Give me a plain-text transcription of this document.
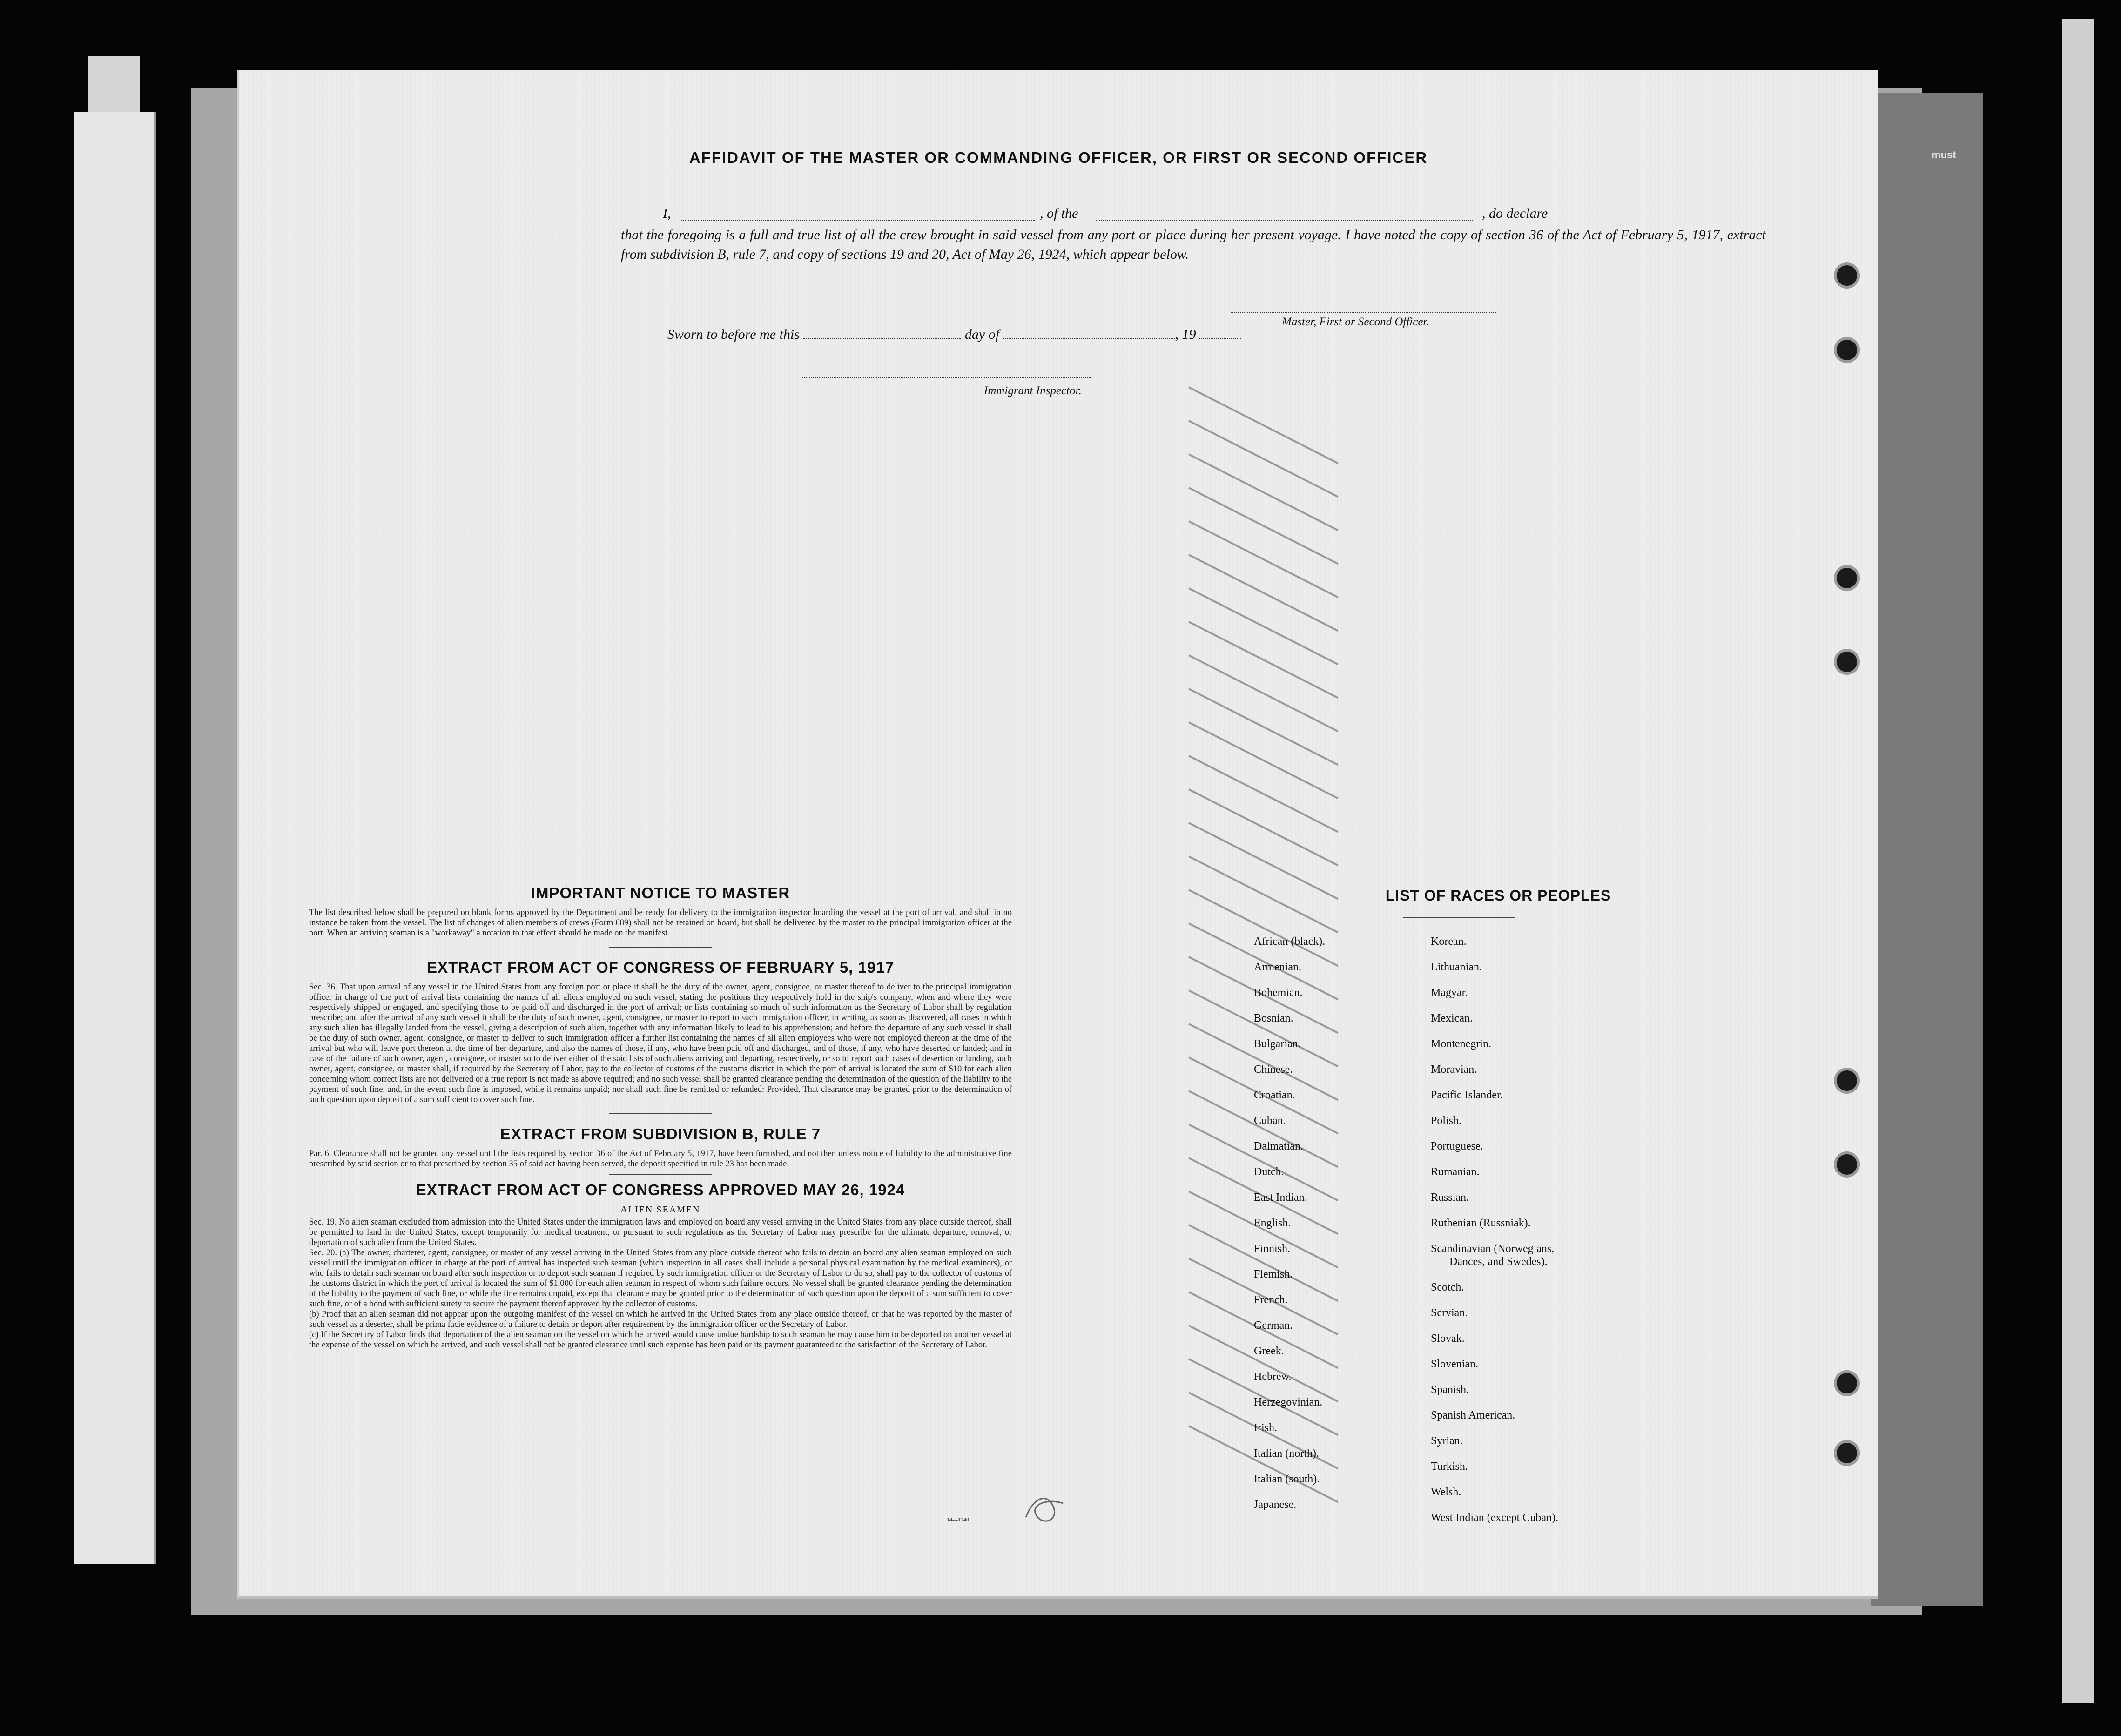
must
AFFIDAVIT OF THE MASTER OR COMMANDING OFFICER, OR FIRST OR SECOND OFFICER
I,	, of the	, do declare
that the foregoing is a full and true list of all the crew brought in said vessel from any port or place during her present voyage. I have noted the copy of section 36 of the Act of February 5, 1917, extract from subdivision B, rule 7, and copy of sections 19 and 20, Act of May 26, 1924, which appear below.
Master, First or Second Officer.
Sworn to before me this	day of	, 19
Immigrant Inspector.
IMPORTANT NOTICE TO MASTER

The list described below shall be prepared on blank forms approved by the Department and be ready for delivery to the immigration inspector boarding the vessel at the port of arrival, and shall in no instance be taken from the vessel. The list of changes of alien members of crews (Form 689) shall not be retained on board, but shall be delivered by the master to the principal immigration officer at the port. When an arriving seaman is a "workaway" a notation to that effect should be made on the manifest.

EXTRACT FROM ACT OF CONGRESS OF FEBRUARY 5, 1917

Sec. 36. That upon arrival of any vessel in the United States from any foreign port or place it shall be the duty of the owner, agent, consignee, or master thereof to deliver to the principal immigration officer in charge of the port of arrival lists containing the names of all aliens employed on such vessel, stating the positions they respectively hold in the ship's company, when and where they were respectively shipped or engaged, and specifying those to be paid off and discharged in the port of arrival; or lists containing so much of such information as the Secretary of Labor shall by regulation prescribe; and after the arrival of any such vessel it shall be the duty of such owner, agent, consignee, or master to report to such immigration officer, in writing, as soon as discovered, all cases in which any such alien has illegally landed from the vessel, giving a description of such alien, together with any information likely to lead to his apprehension; and before the departure of any such vessel it shall be the duty of such owner, agent, consignee, or master to deliver to such immigration officer a further list containing the names of all alien employees who were not employed thereon at the time of the arrival but who will leave port thereon at the time of her departure, and also the names of those, if any, who have been paid off and discharged, and of those, if any, who have deserted or landed; and in case of the failure of such owner, agent, consignee, or master so to deliver either of the said lists of such aliens arriving and departing, respectively, or so to report such cases of desertion or landing, such owner, agent, consignee, or master shall, if required by the Secretary of Labor, pay to the collector of customs of the customs district in which the port of arrival is located the sum of $10 for each alien concerning whom correct lists are not delivered or a true report is not made as above required; and no such vessel shall be granted clearance pending the determination of the question of the liability to the payment of such fine, and, in the event such fine is imposed, while it remains unpaid; nor shall such fine be remitted or refunded: Provided, That clearance may be granted prior to the determination of such question upon deposit of a sum sufficient to cover such fine.

EXTRACT FROM SUBDIVISION B, RULE 7

Par. 6. Clearance shall not be granted any vessel until the lists required by section 36 of the Act of February 5, 1917, have been furnished, and not then unless notice of liability to the administrative fine prescribed by said section or to that prescribed by section 35 of said act having been served, the deposit specified in rule 23 has been made.

EXTRACT FROM ACT OF CONGRESS APPROVED MAY 26, 1924
ALIEN SEAMEN

Sec. 19. No alien seaman excluded from admission into the United States under the immigration laws and employed on board any vessel arriving in the United States from any place outside thereof, shall be permitted to land in the United States, except temporarily for medical treatment, or pursuant to such regulations as the Secretary of Labor may prescribe for the ultimate departure, removal, or deportation of such alien from the United States.

Sec. 20. (a) The owner, charterer, agent, consignee, or master of any vessel arriving in the United States from any place outside thereof who fails to detain on board any alien seaman employed on such vessel until the immigration officer in charge at the port of arrival has inspected such seaman (which inspection in all cases shall include a personal physical examination by the medical examiners), or who fails to detain such seaman on board after such inspection or to deport such seaman if required by such immigration officer or the Secretary of Labor to do so, shall pay to the collector of customs of the customs district in which the port of arrival is located the sum of $1,000 for each alien seaman in respect of whom such failure occurs. No vessel shall be granted clearance pending the determination of the liability to the payment of such fine, or while the fine remains unpaid, except that clearance may be granted prior to the determination of such question upon the deposit of a sum sufficient to cover such fine, or of a bond with sufficient surety to secure the payment thereof approved by the collector of customs.

(b) Proof that an alien seaman did not appear upon the outgoing manifest of the vessel on which he arrived in the United States from any place outside thereof, or that he was reported by the master of such vessel as a deserter, shall be prima facie evidence of a failure to detain or deport after requirement by the immigration officer or the Secretary of Labor.

(c) If the Secretary of Labor finds that deportation of the alien seaman on the vessel on which he arrived would cause undue hardship to such seaman he may cause him to be deported on another vessel at the expense of the vessel on which he arrived, and such vessel shall not be granted clearance until such expense has been paid or its payment guaranteed to the satisfaction of the Secretary of Labor.

14—1240
LIST OF RACES OR PEOPLES
African (black).
Armenian.
Bohemian.
Bosnian.
Bulgarian.
Chinese.
Croatian.
Cuban.
Dalmatian.
Dutch.
East Indian.
English.
Finnish.
Flemish.
French.
German.
Greek.
Hebrew.
Herzegovinian.
Irish.
Italian (north).
Italian (south).
Japanese.
Korean.
Lithuanian.
Magyar.
Mexican.
Montenegrin.
Moravian.
Pacific Islander.
Polish.
Portuguese.
Rumanian.
Russian.
Ruthenian (Russniak).
Scandinavian (Norwegians,
Dances, and Swedes).
Scotch.
Servian.
Slovak.
Slovenian.
Spanish.
Spanish American.
Syrian.
Turkish.
Welsh.
West Indian (except Cuban).
